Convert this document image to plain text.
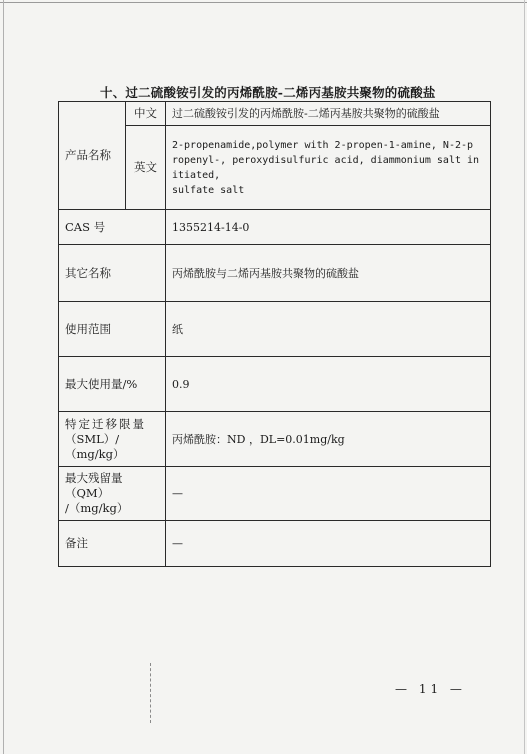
十、过二硫酸铵引发的丙烯酰胺-二烯丙基胺共聚物的硫酸盐
产品名称	中文	过二硫酸铵引发的丙烯酰胺-二烯丙基胺共聚物的硫酸盐
	英文	2-propenamide,polymer with 2-propen-1-amine, N-2-p
ropenyl-, peroxydisulfuric acid, diammonium salt in
itiated,
sulfate salt

CAS 号		1355214-14-0
其它名称		丙烯酰胺与二烯丙基胺共聚物的硫酸盐
使用范围		纸
最大使用量/%		0.9

特定迁移限量
（SML）/（mg/kg）		丙烯酰胺：ND ，DL=0.01mg/kg

最大残留量（QM）
/（mg/kg）		—
备注		—
— 11 —
